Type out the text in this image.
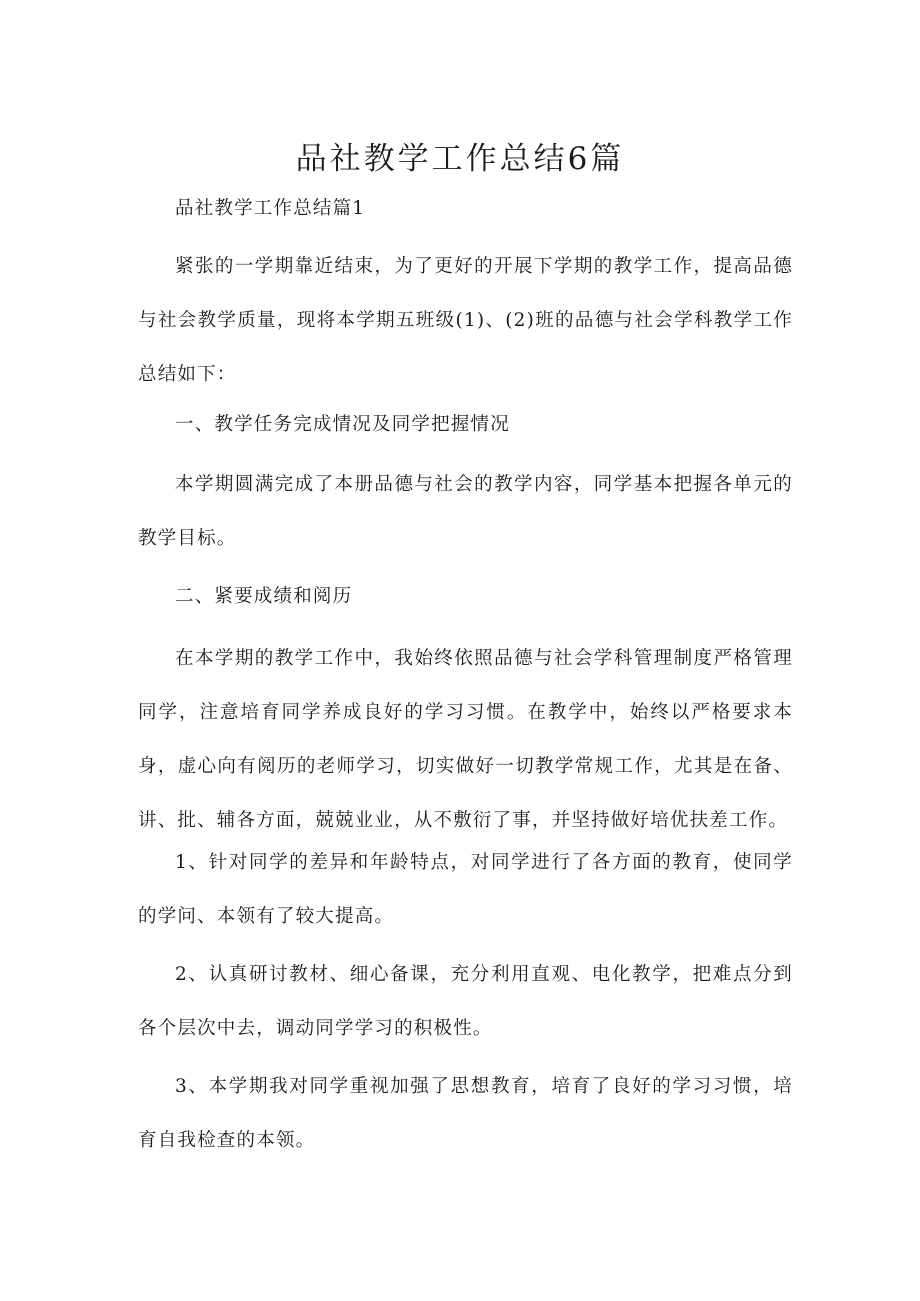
品社教学工作总结6篇

品社教学工作总结篇1

紧张的一学期靠近结束，为了更好的开展下学期的教学工作，提高品德与社会教学质量，现将本学期五班级(1)、(2)班的品德与社会学科教学工作总结如下：

一、教学任务完成情况及同学把握情况

本学期圆满完成了本册品德与社会的教学内容，同学基本把握各单元的教学目标。

二、紧要成绩和阅历

在本学期的教学工作中，我始终依照品德与社会学科管理制度严格管理同学，注意培育同学养成良好的学习习惯。在教学中，始终以严格要求本身，虚心向有阅历的老师学习，切实做好一切教学常规工作，尤其是在备、讲、批、辅各方面，兢兢业业，从不敷衍了事，并坚持做好培优扶差工作。

1、针对同学的差异和年龄特点，对同学进行了各方面的教育，使同学的学问、本领有了较大提高。

2、认真研讨教材、细心备课，充分利用直观、电化教学，把难点分到各个层次中去，调动同学学习的积极性。

3、本学期我对同学重视加强了思想教育，培育了良好的学习习惯，培育自我检查的本领。
